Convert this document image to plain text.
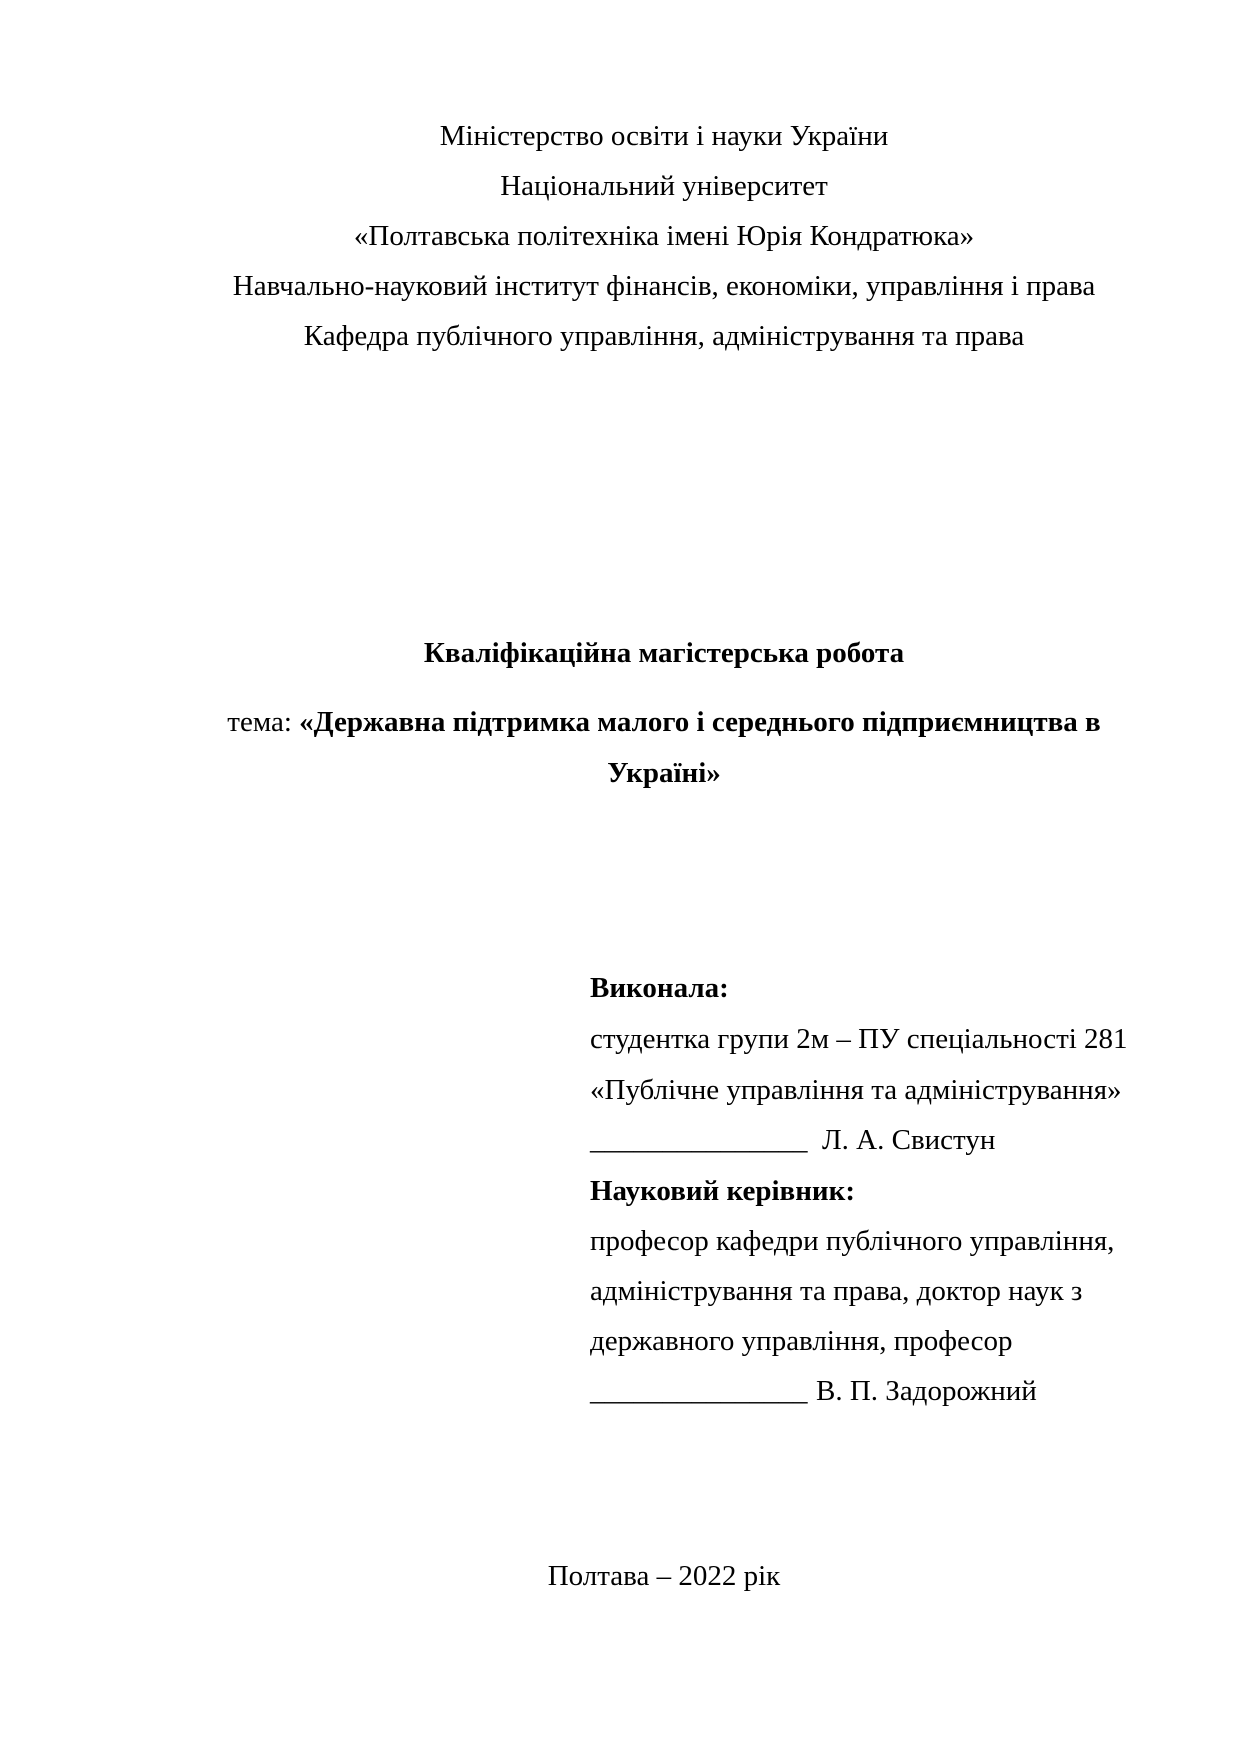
Міністерство освіти і науки України
Національний університет
«Полтавська політехніка імені Юрія Кондратюка»
Навчально-науковий інститут фінансів, економіки, управління і права
Кафедра публічного управління, адміністрування та права
Кваліфікаційна магістерська робота
тема: «Державна підтримка малого і середнього підприємництва в
Україні»
Виконала:
студентка групи 2м – ПУ спеціальності 281
«Публічне управління та адміністрування»
_______________ Л. А. Свистун
Науковий керівник:
професор кафедри публічного управління,
адміністрування та права, доктор наук з
державного управління, професор
_______________ В. П. Задорожний
Полтава – 2022 рік
